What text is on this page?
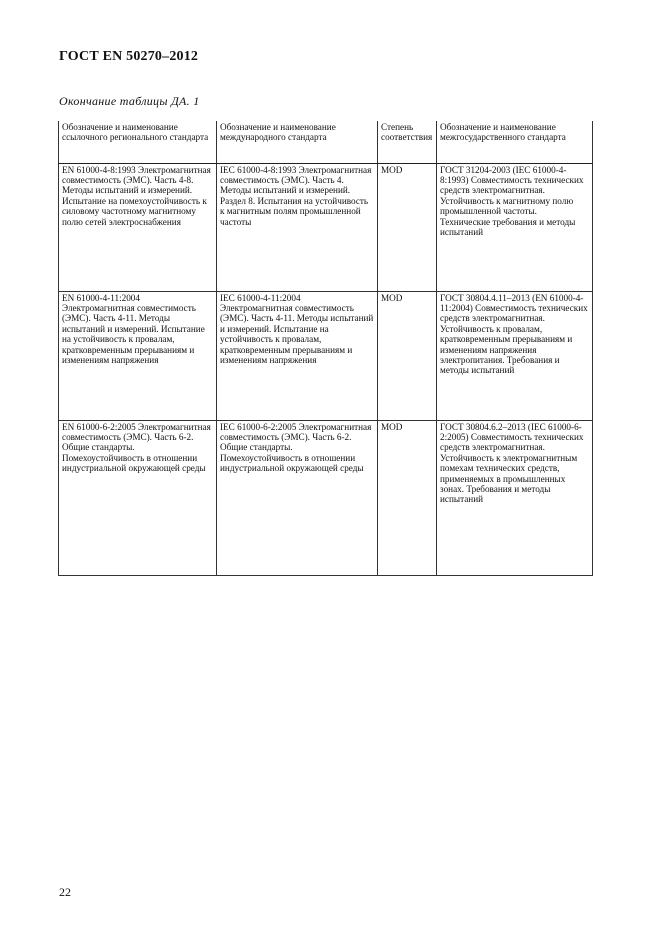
ГОСТ EN 50270–2012
Окончание таблицы ДА. 1
Обозначение и наименование ссылочного регионального стандарта	Обозначение и наименование международного стандарта	Степень соответствия	Обозначение и наименование межгосударственного стандарта
EN 61000-4-8:1993 Электромагнитная совместимость (ЭМС). Часть 4-8. Методы испытаний и измерений. Испытание на помехоустойчивость к силовому частотному магнитному полю сетей электроснабжения	IEC 61000-4-8:1993 Электромагнитная совместимость (ЭМС). Часть 4. Методы испытаний и измерений. Раздел 8. Испытания на устойчивость к магнитным полям промышленной частоты	MOD	ГОСТ 31204-2003 (IEC 61000-4-8:1993) Совместимость технических средств электромагнитная. Устойчивость к магнитному полю промышленной частоты. Технические требования и методы испытаний
EN 61000-4-11:2004 Электромагнитная совместимость (ЭМС). Часть 4-11. Методы испытаний и измерений. Испытание на устойчивость к провалам, кратковременным прерываниям и изменениям напряжения	IEC 61000-4-11:2004 Электромагнитная совместимость (ЭМС). Часть 4-11. Методы испытаний и измерений. Испытание на устойчивость к провалам, кратковременным прерываниям и изменениям напряжения	MOD	ГОСТ 30804.4.11–2013 (EN 61000-4-11:2004) Совместимость технических средств электромагнитная. Устойчивость к провалам, кратковременным прерываниям и изменениям напряжения электропитания. Требования и методы испытаний
EN 61000-6-2:2005 Электромагнитная совместимость (ЭМС). Часть 6-2. Общие стандарты. Помехоустойчивость в отношении индустриальной окружающей среды	IEC 61000-6-2:2005 Электромагнитная совместимость (ЭМС). Часть 6-2. Общие стандарты. Помехоустойчивость в отношении индустриальной окружающей среды	MOD	ГОСТ 30804.6.2–2013 (IEC 61000-6-2:2005) Совместимость технических средств электромагнитная. Устойчивость к электромагнитным помехам технических средств, применяемых в промышленных зонах. Требования и методы испытаний
22
